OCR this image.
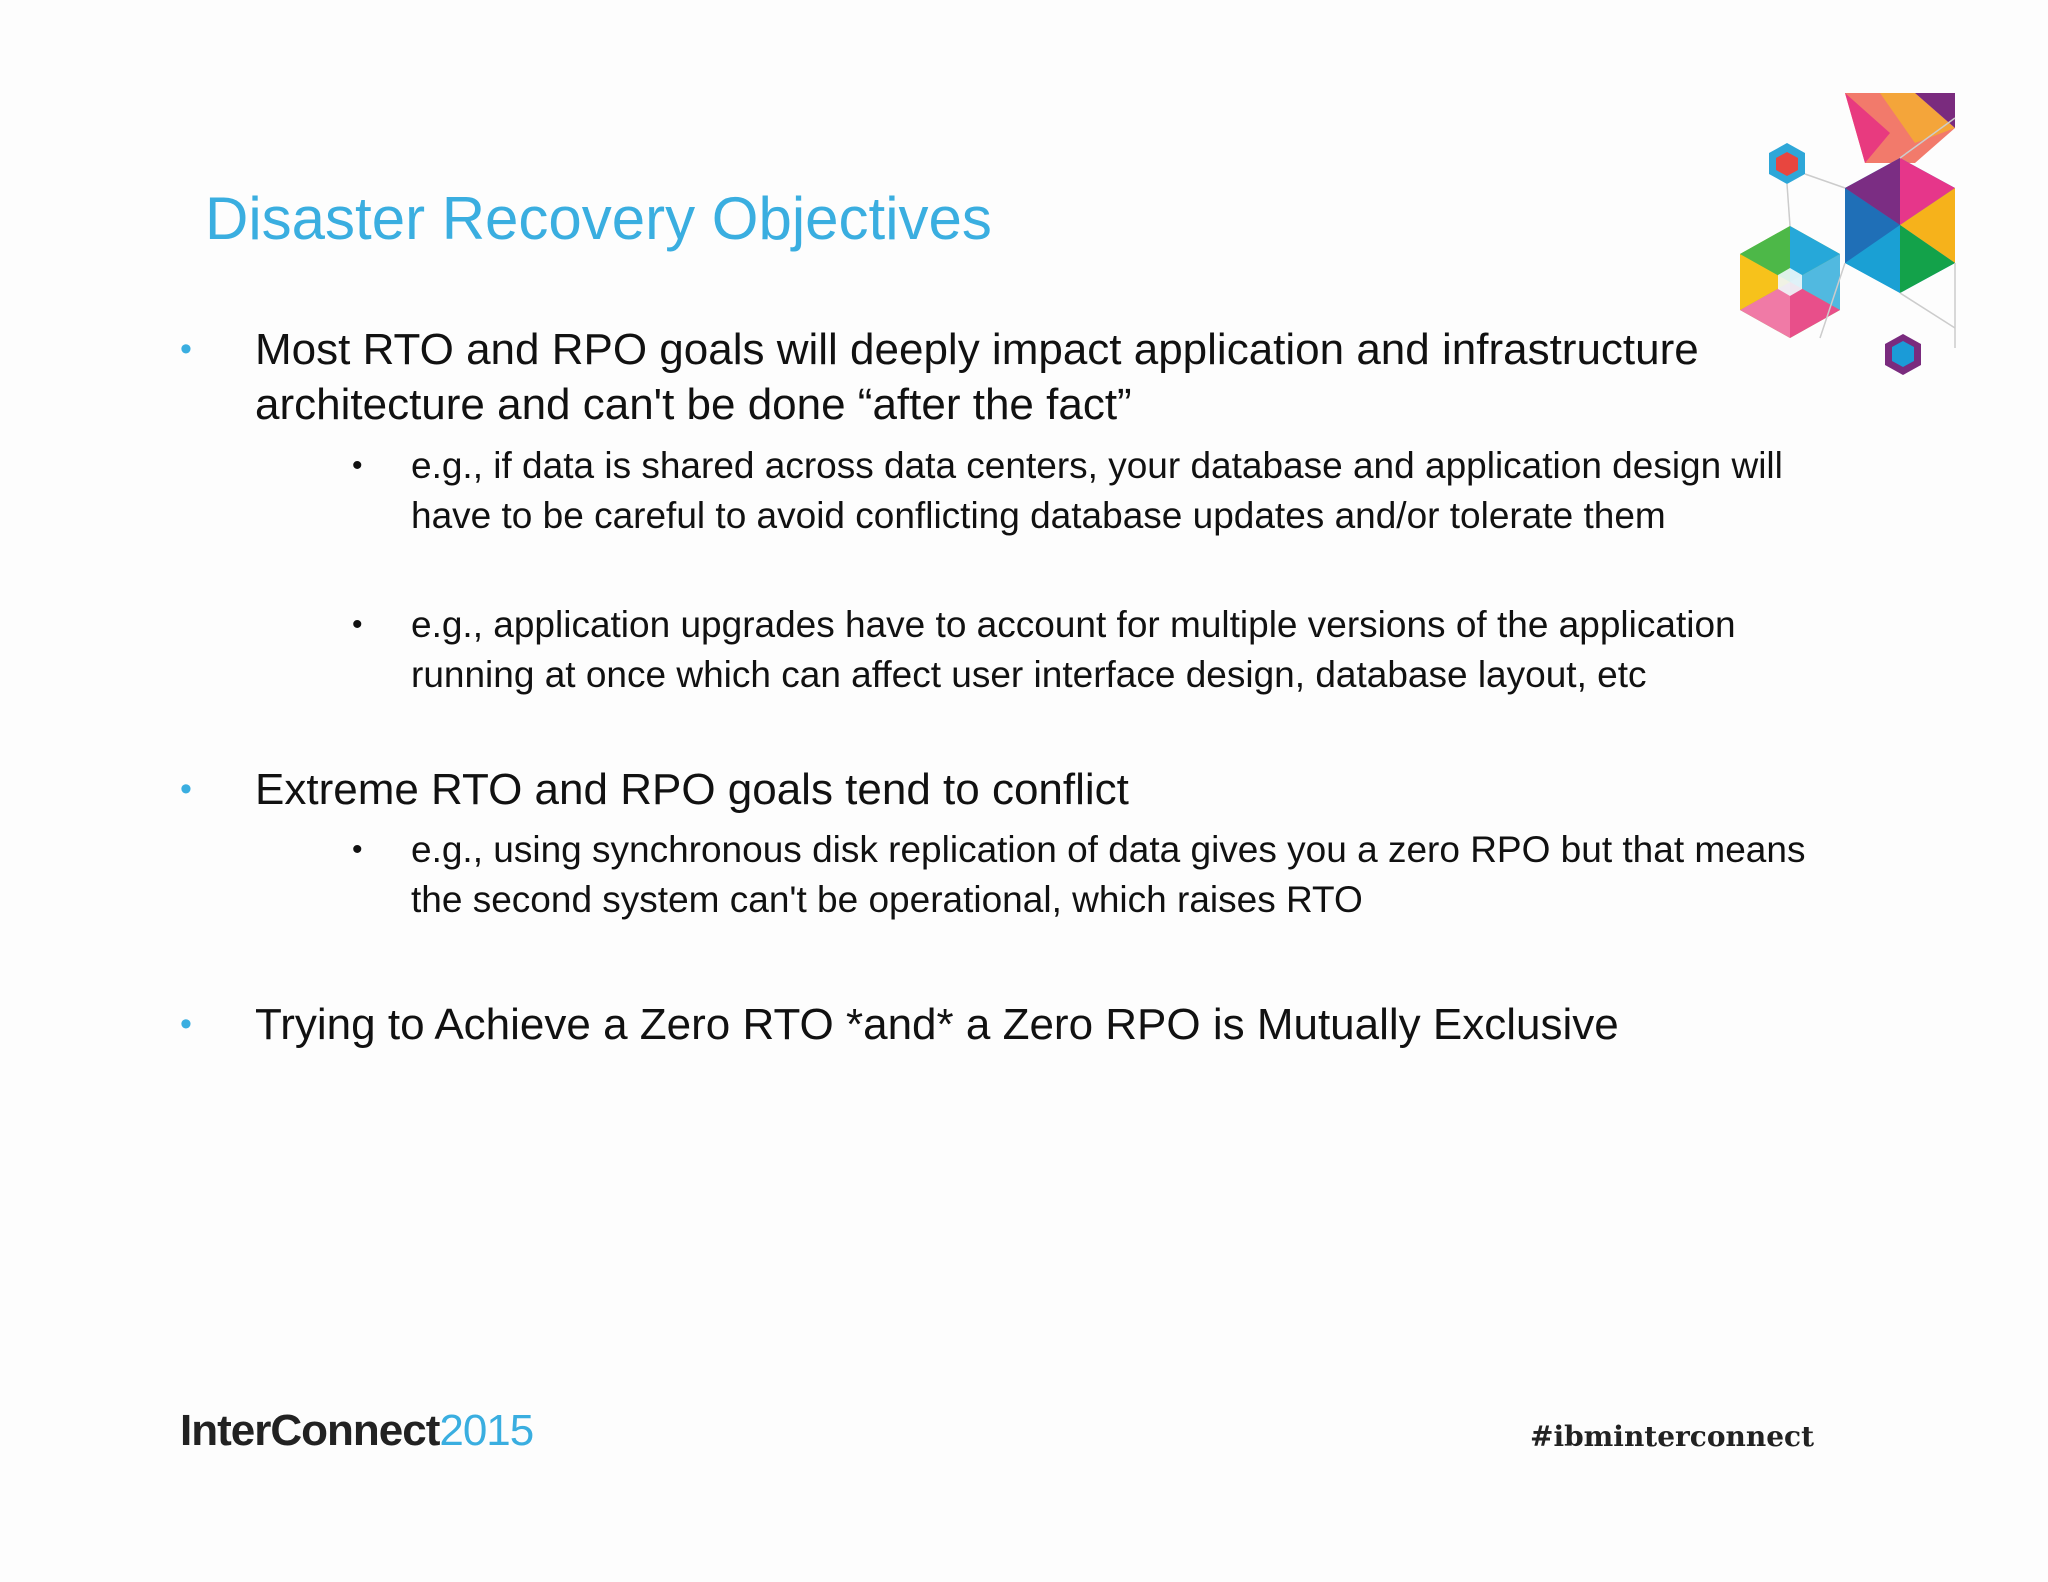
Disaster Recovery Objectives
• Most RTO and RPO goals will deeply impact application and infrastructure architecture and can't be done “after the fact”
• e.g., if data is shared across data centers, your database and application design will have to be careful to avoid conflicting database updates and/or tolerate them
• e.g., application upgrades have to account for multiple versions of the application running at once which can affect user interface design, database layout, etc
• Extreme RTO and RPO goals tend to conflict
• e.g., using synchronous disk replication of data gives you a zero RPO but that means the second system can't be operational, which raises RTO
• Trying to Achieve a Zero RTO *and* a Zero RPO is Mutually Exclusive
InterConnect2015	#ibminterconnect
